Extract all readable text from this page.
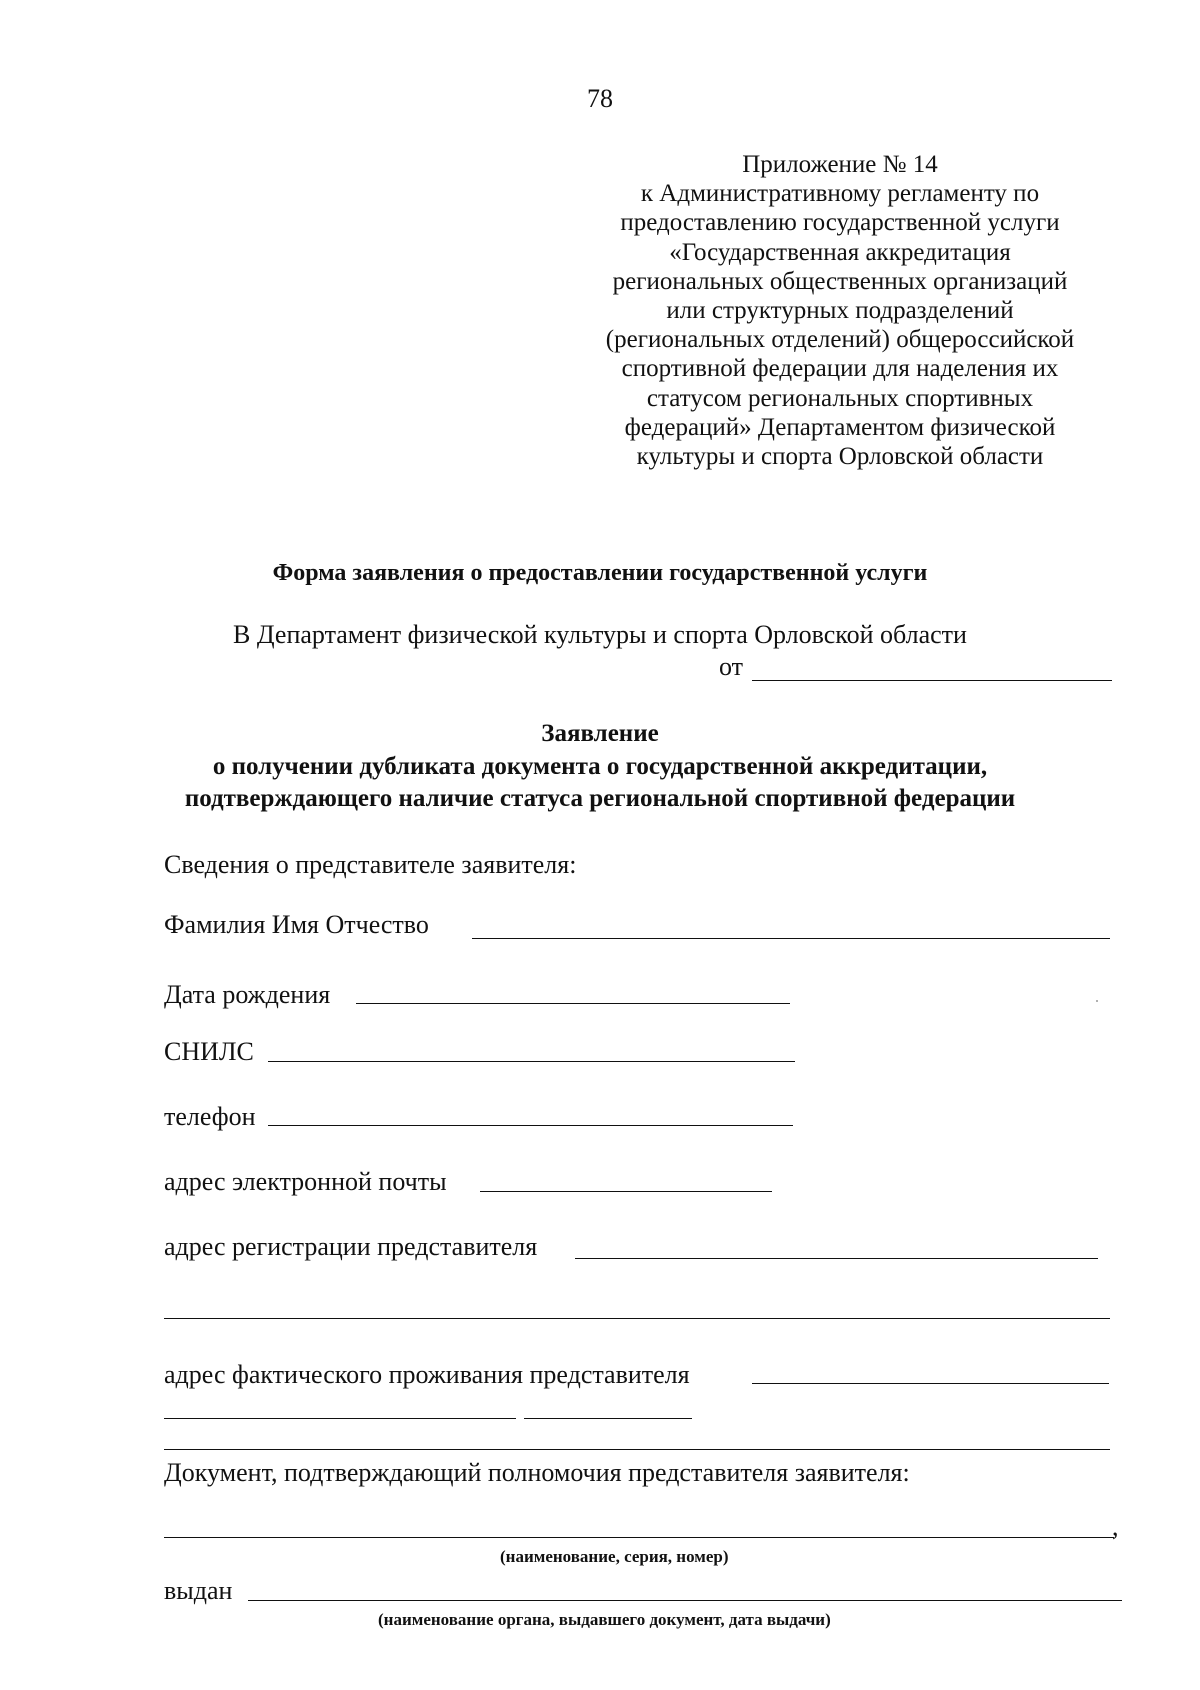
78
Приложение № 14
к Административному регламенту по
предоставлению государственной услуги
«Государственная аккредитация
региональных общественных организаций
или структурных подразделений
(региональных отделений) общероссийской
спортивной федерации для наделения их
статусом региональных спортивных
федераций» Департаментом физической
культуры и спорта Орловской области
Форма заявления о предоставлении государственной услуги
В Департамент физической культуры и спорта Орловской области
от
Заявление
о получении дубликата документа о государственной аккредитации,
подтверждающего наличие статуса региональной спортивной федерации
Сведения о представителе заявителя:
Фамилия Имя Отчество
Дата рождения
СНИЛС
телефон
адрес электронной почты
адрес регистрации представителя
адрес фактического проживания представителя
Документ, подтверждающий полномочия представителя заявителя:
,
(наименование, серия, номер)
выдан
(наименование органа, выдавшего документ, дата выдачи)
